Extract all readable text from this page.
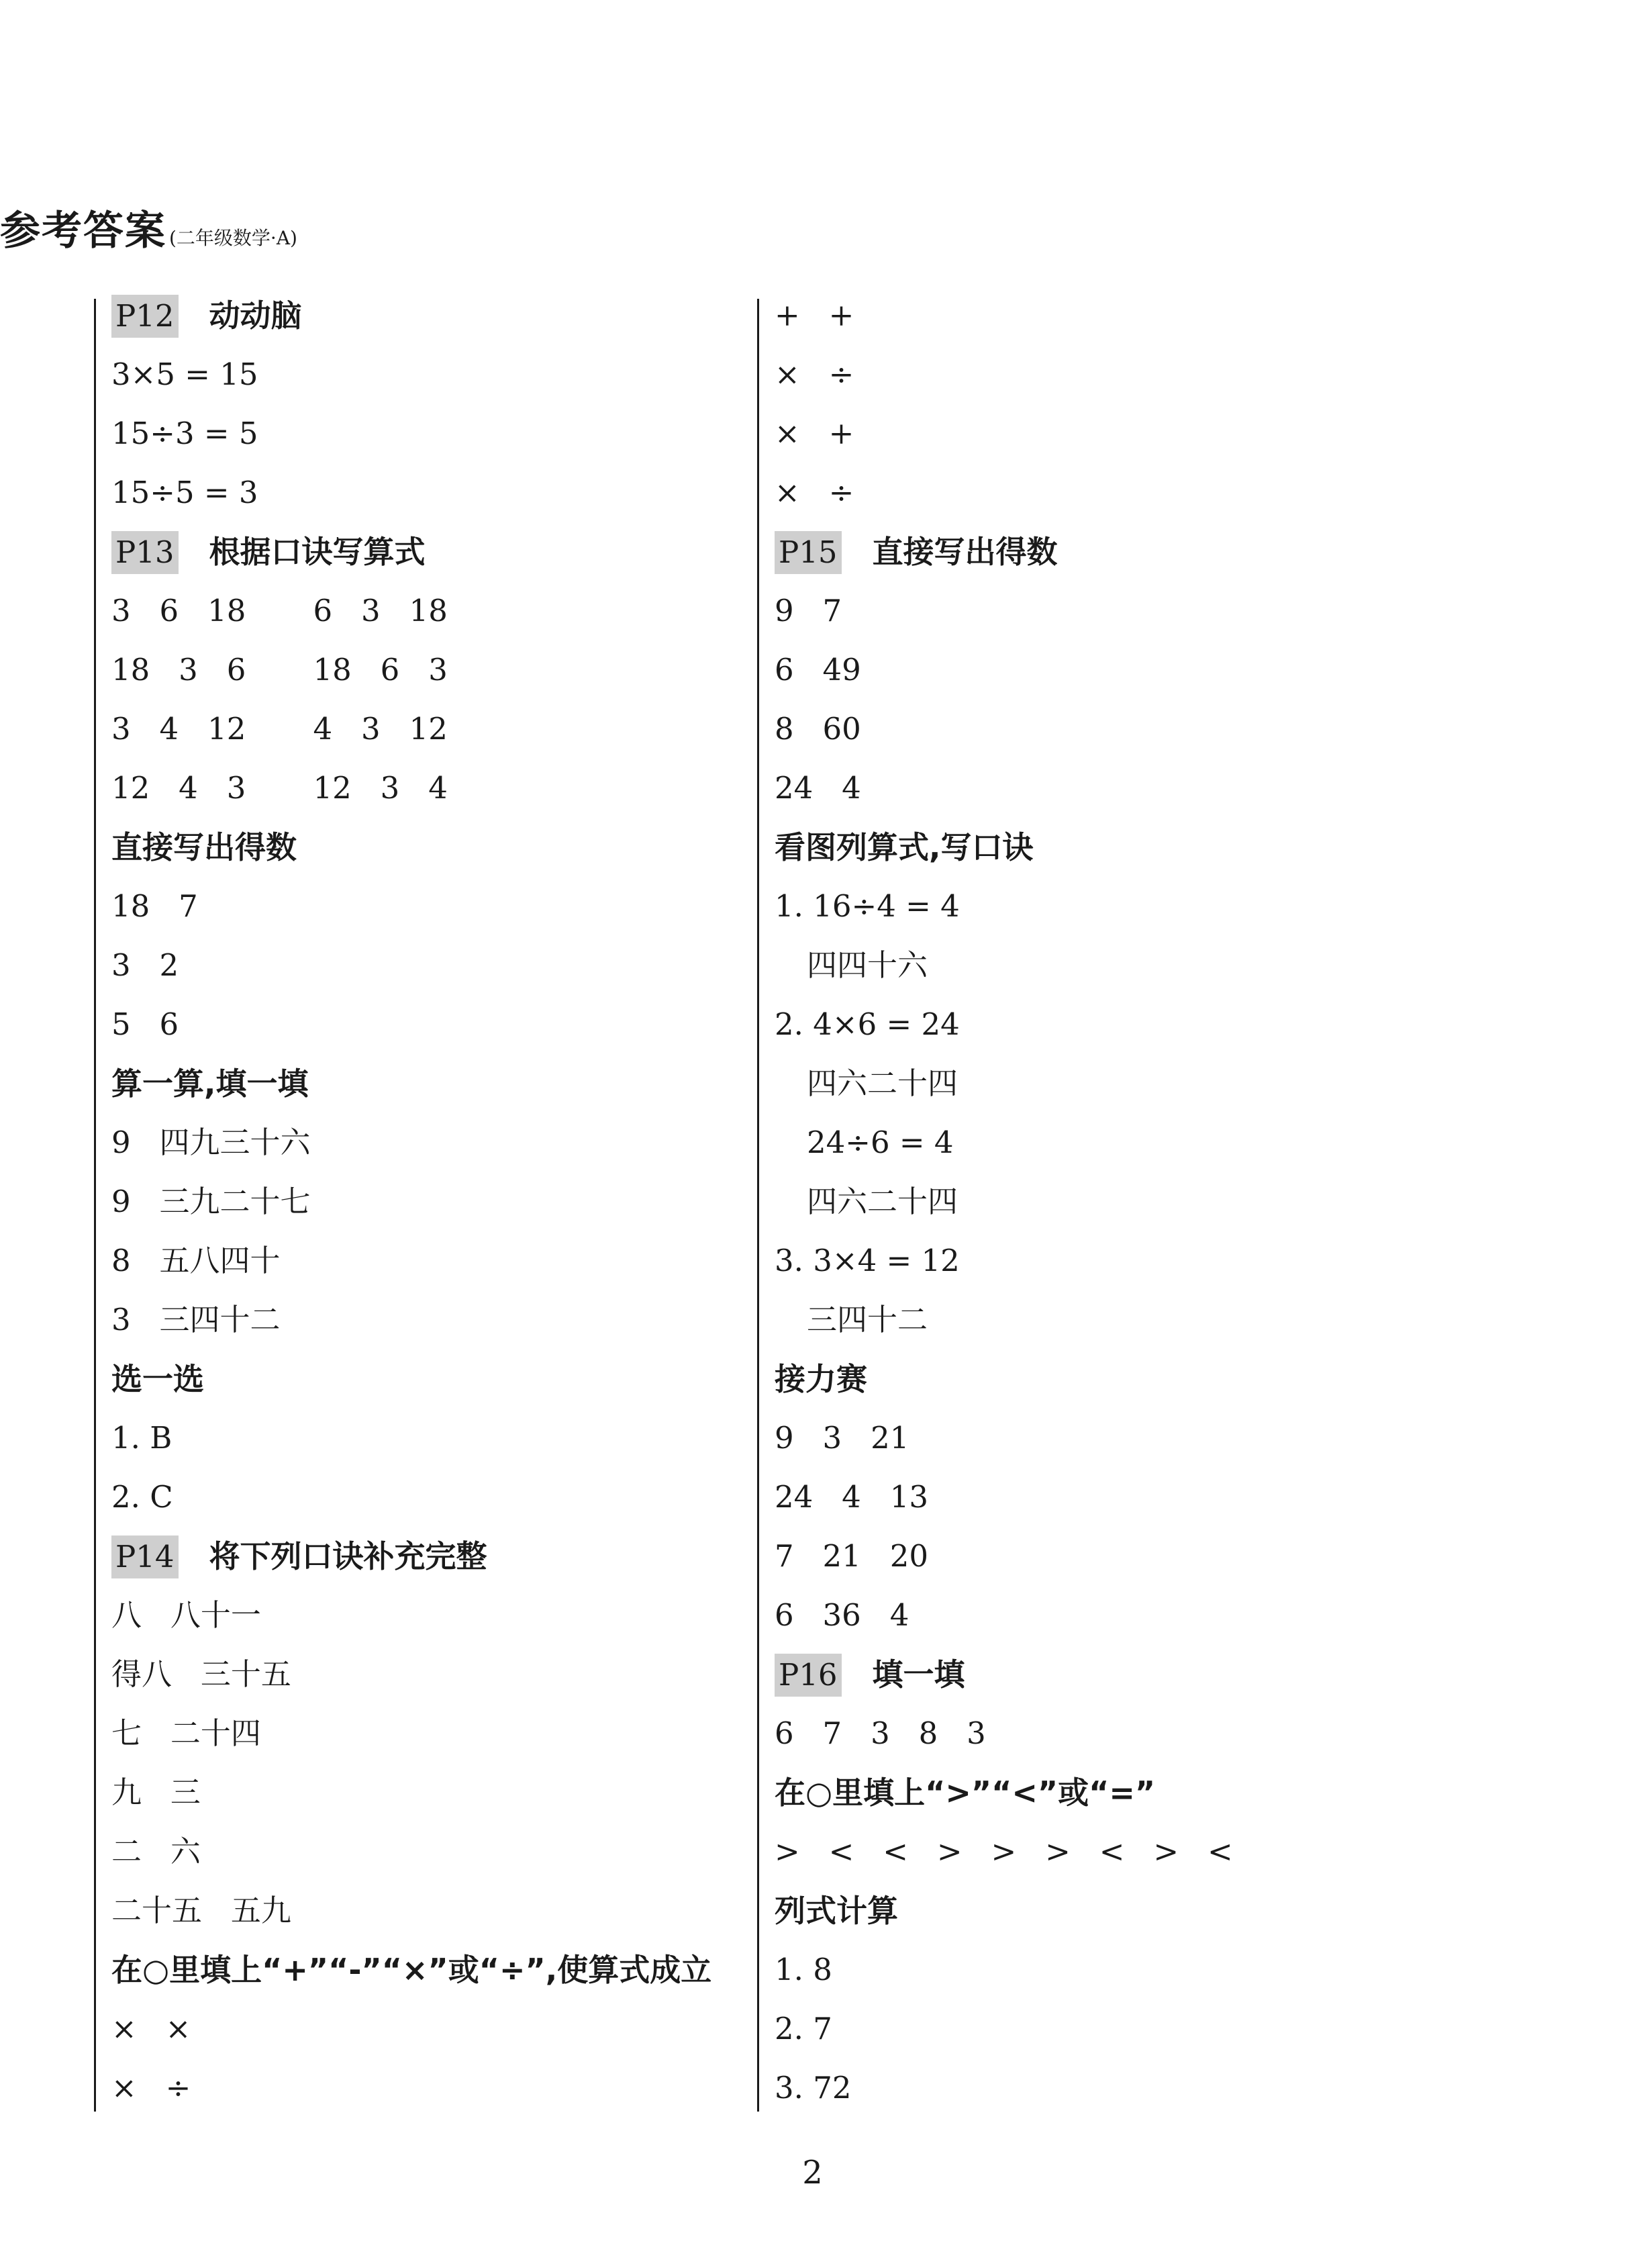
参考答案 (二年级数学·A)
P12 动动脑
3×5 = 15
15÷3 = 5
15÷5 = 3
P13 根据口诀写算式
3   6   18       6   3   18
18   3   6       18   6   3
3   4   12       4   3   12
12   4   3       12   3   4
直接写出得数
18   7
3   2
5   6
算一算,填一填
9   四九三十六
9   三九二十七
8   五八四十
3   三四十二
选一选
1. B
2. C
P14 将下列口诀补充完整
八   八十一
得八   三十五
七   二十四
九   三
二   六
二十五   五九
在○里填上“+”“-”“×”或“÷”,使算式成立
×   ×
×   ÷
+   +
×   ÷
×   +
×   ÷
P15 直接写出得数
9   7
6   49
8   60
24   4
看图列算式,写口诀
1. 16÷4 = 4
四四十六
2. 4×6 = 24
四六二十四
24÷6 = 4
四六二十四
3. 3×4 = 12
三四十二
接力赛
9   3   21
24   4   13
7   21   20
6   36   4
P16 填一填
6   7   3   8   3
在○里填上“>”“<”或“=”
>   <   <   >   >   >   <   >   <
列式计算
1. 8
2. 7
3. 72
2
